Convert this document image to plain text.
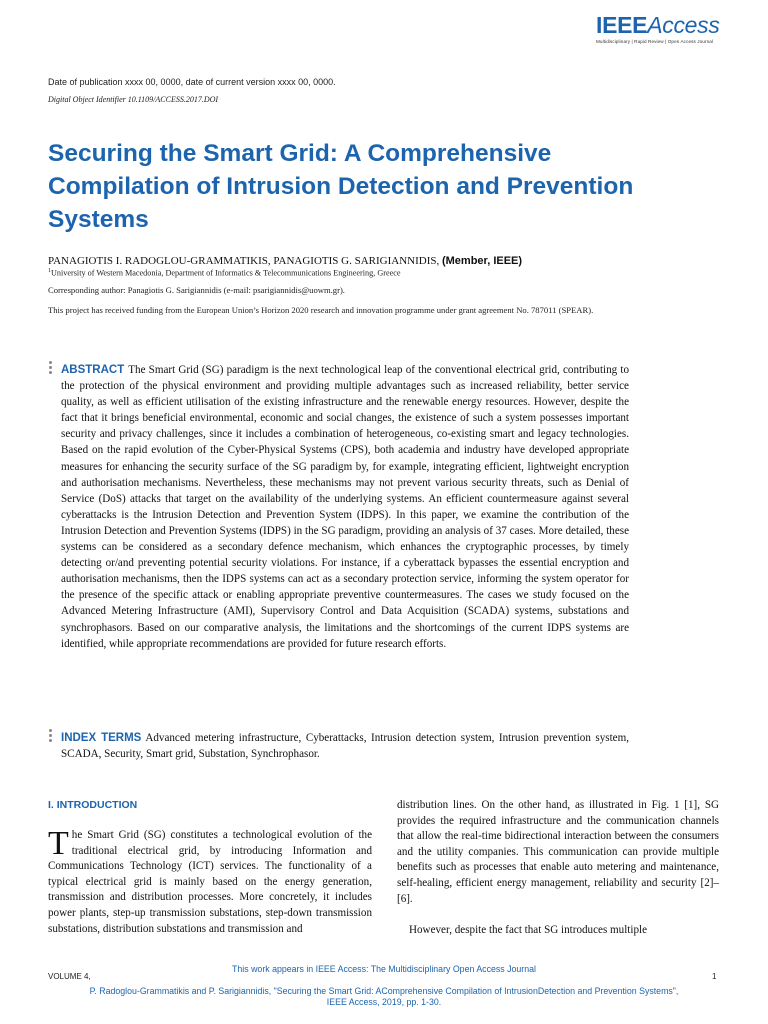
IEEEAccess
Multidisciplinary | Rapid Review | Open Access Journal
Date of publication xxxx 00, 0000, date of current version xxxx 00, 0000.
Digital Object Identifier 10.1109/ACCESS.2017.DOI
Securing the Smart Grid: A Comprehensive Compilation of Intrusion Detection and Prevention Systems
PANAGIOTIS I. RADOGLOU-GRAMMATIKIS, PANAGIOTIS G. SARIGIANNIDIS, (Member, IEEE)
$^1$University of Western Macedonia, Department of Informatics & Telecommunications Engineering, Greece
Corresponding author: Panagiotis G. Sarigiannidis (e-mail: psarigiannidis@uowm.gr).
This project has received funding from the European Union’s Horizon 2020 research and innovation programme under grant agreement No. 787011 (SPEAR).
ABSTRACT The Smart Grid (SG) paradigm is the next technological leap of the conventional electrical grid, contributing to the protection of the physical environment and providing multiple advantages such as increased reliability, better service quality, as well as efficient utilisation of the existing infrastructure and the renewable energy resources. However, despite the fact that it brings beneficial environmental, economic and social changes, the existence of such a system possesses important security and privacy challenges, since it includes a combination of heterogeneous, co-existing smart and legacy technologies. Based on the rapid evolution of the Cyber-Physical Systems (CPS), both academia and industry have developed appropriate measures for enhancing the security surface of the SG paradigm by, for example, integrating efficient, lightweight encryption and authorisation mechanisms. Nevertheless, these mechanisms may not prevent various security threats, such as Denial of Service (DoS) attacks that target on the availability of the underlying systems. An efficient countermeasure against several cyberattacks is the Intrusion Detection and Prevention System (IDPS). In this paper, we examine the contribution of the Intrusion Detection and Prevention Systems (IDPS) in the SG paradigm, providing an analysis of 37 cases. More detailed, these systems can be considered as a secondary defence mechanism, which enhances the cryptographic processes, by timely detecting or/and preventing potential security violations. For instance, if a cyberattack bypasses the essential encryption and authorisation mechanisms, then the IDPS systems can act as a secondary protection service, informing the system operator for the presence of the specific attack or enabling appropriate preventive countermeasures. The cases we study focused on the Advanced Metering Infrastructure (AMI), Supervisory Control and Data Acquisition (SCADA) systems, substations and synchrophasors. Based on our comparative analysis, the limitations and the shortcomings of the current IDPS systems are identified, while appropriate recommendations are provided for future research efforts.
INDEX TERMS Advanced metering infrastructure, Cyberattacks, Intrusion detection system, Intrusion prevention system, SCADA, Security, Smart grid, Substation, Synchrophasor.
I. INTRODUCTION
The Smart Grid (SG) constitutes a technological evolution of the traditional electrical grid, by introducing Information and Communications Technology (ICT) services. The functionality of a typical electrical grid is mainly based on the energy generation, transmission and distribution processes. More concretely, it includes power plants, step-up transmission substations, step-down transmission substations, distribution substations and transmission and

distribution lines. On the other hand, as illustrated in Fig. 1 [1], SG provides the required infrastructure and the communication channels that allow the real-time bidirectional interaction between the consumers and the utility companies. This communication can provide multiple benefits such as processes that enable auto metering and maintenance, self-healing, efficient energy management, reliability and security [2]–[6].

However, despite the fact that SG introduces multiple

This work appears in IEEE Access: The Multidisciplinary Open Access Journal
VOLUME 4,	1
P. Radoglou-Grammatikis and P. Sarigiannidis, "Securing the Smart Grid: AComprehensive Compilation of IntrusionDetection and Prevention Systems", IEEE Access, 2019, pp. 1-30.
